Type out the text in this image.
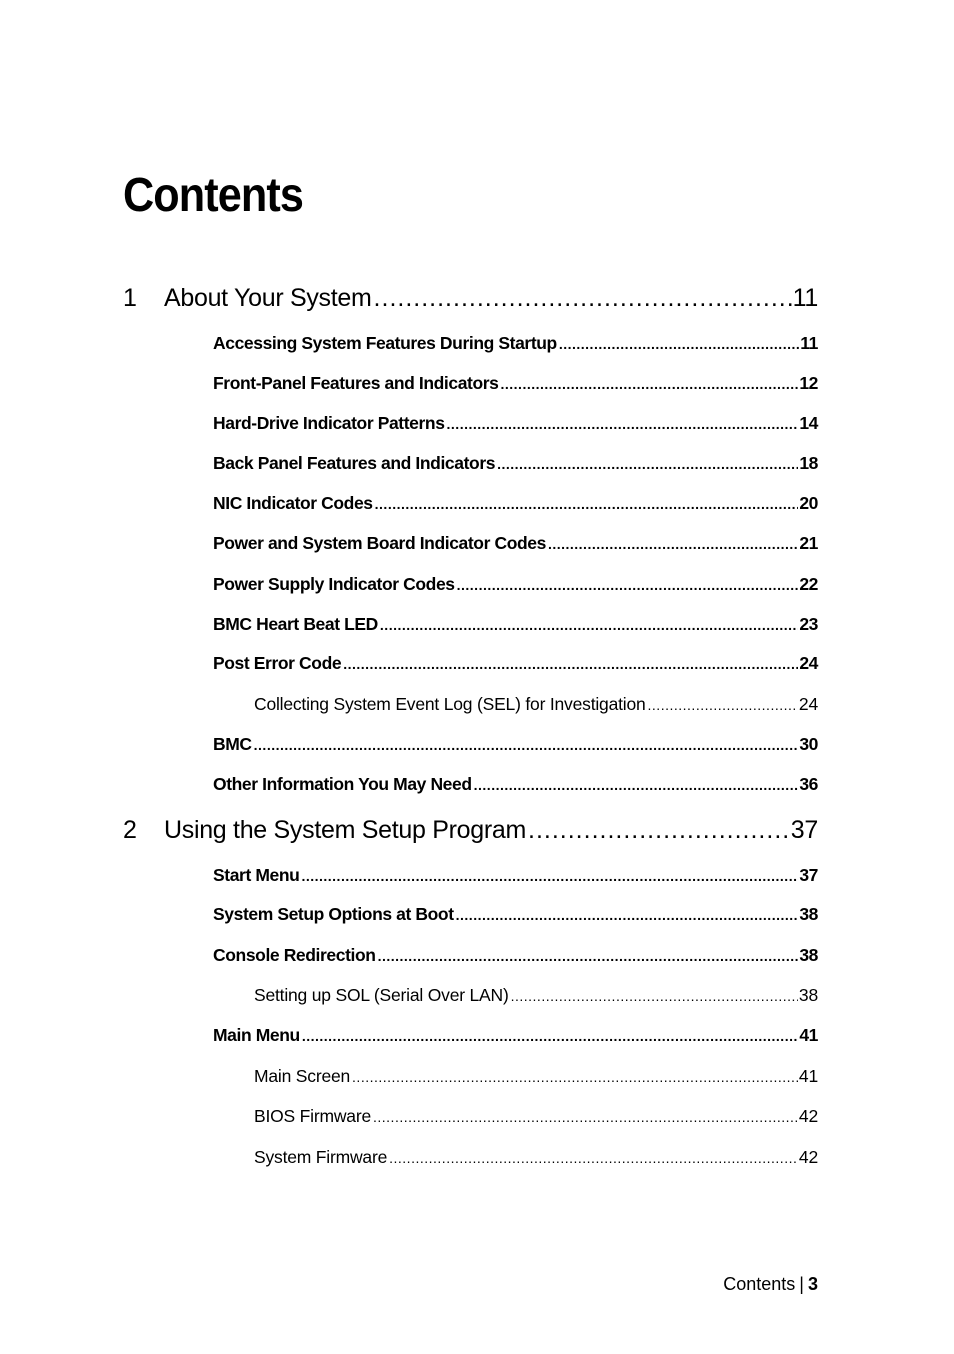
Contents
1 About Your System .....	11
Accessing System Features During Startup .....	11
Front-Panel Features and Indicators .....	12
Hard-Drive Indicator Patterns .....	14
Back Panel Features and Indicators .....	18
NIC Indicator Codes .....	20
Power and System Board Indicator Codes .....	21
Power Supply Indicator Codes .....	22
BMC Heart Beat LED .....	23
Post Error Code .....	24
Collecting System Event Log (SEL) for Investigation .....	24
BMC .....	30
Other Information You May Need .....	36
2 Using the System Setup Program .....	37
Start Menu .....	37
System Setup Options at Boot .....	38
Console Redirection .....	38
Setting up SOL (Serial Over LAN) .....	38
Main Menu .....	41
Main Screen .....	41
BIOS Firmware .....	42
System Firmware .....	42
Contents | 3
